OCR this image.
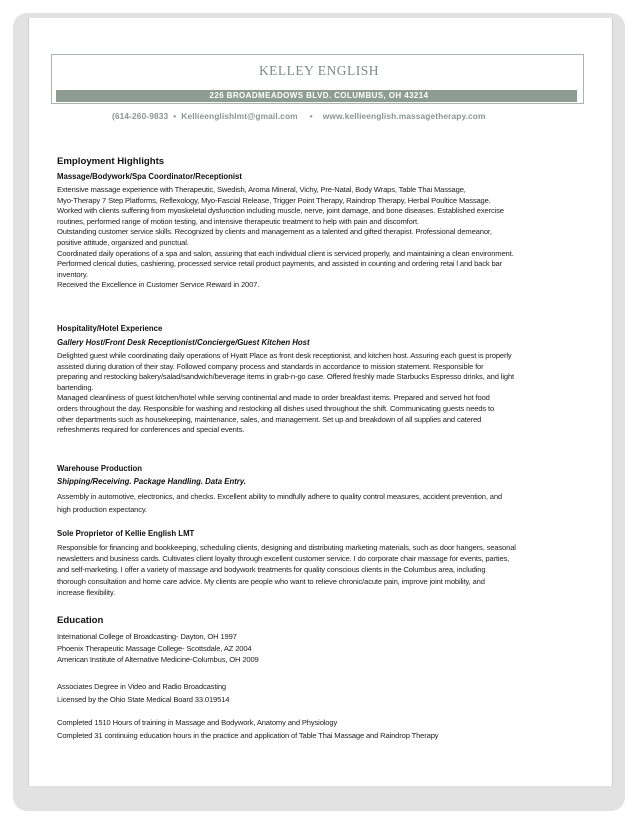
KELLEY ENGLISH
226 BROADMEADOWS BLVD. COLUMBUS, OH 43214
(614-260-9833 • Kellieenglishlmt@gmail.com • www.kellieenglish.massagetherapy.com
Employment Highlights
Massage/Bodywork/Spa Coordinator/Receptionist

Extensive massage experience with Therapeutic, Swedish, Aroma Mineral, Vichy, Pre-Natal, Body Wraps, Table Thai Massage,

Myo-Therapy 7 Step Platforms, Reflexology, Myo-Fascial Release, Trigger Point Therapy, Raindrop Therapy, Herbal Poultice Massage.

Worked with clients suffering from myoskeletal dysfunction including muscle, nerve, joint damage, and bone diseases. Established exercise

routines, performed range of motion testing, and intensive therapeutic treatment to help with pain and discomfort.

Outstanding customer service skills. Recognized by clients and management as a talented and gifted therapist. Professional demeanor,

positive attitude, organized and punctual.

Coordinated daily operations of a spa and salon, assuring that each individual client is serviced properly, and maintaining a clean environment.

Performed clerical duties, cashiering, processed service retail product payments, and assisted in counting and ordering retai l and back bar

inventory.

Received the Excellence in Customer Service Reward in 2007.

Hospitality/Hotel Experience
Gallery Host/Front Desk Receptionist/Concierge/Guest Kitchen Host

Delighted guest while coordinating daily operations of Hyatt Place as front desk receptionist, and kitchen host. Assuring each guest is properly

assisted during duration of their stay. Followed company process and standards in accordance to mission statement. Responsible for

preparing and restocking bakery/salad/sandwich/beverage items in grab-n-go case. Offered freshly made Starbucks Espresso drinks, and light

bartending.

Managed cleanliness of guest kitchen/hotel while serving continental and made to order breakfast items. Prepared and served hot food

orders throughout the day. Responsible for washing and restocking all dishes used throughout the shift. Communicating guests needs to

other departments such as housekeeping, maintenance, sales, and management. Set up and breakdown of all supplies and catered

refreshments required for conferences and special events.

Warehouse Production
Shipping/Receiving. Package Handling. Data Entry.

Assembly in automotive, electronics, and checks. Excellent ability to mindfully adhere to quality control measures, accident prevention, and

high production expectancy.

Sole Proprietor of Kellie English LMT

Responsible for financing and bookkeeping, scheduling clients, designing and distributing marketing materials, such as door hangers, seasonal

newsletters and business cards. Cultivates client loyalty through excellent customer service. I do corporate chair massage for events, parties,

and self-marketing. I offer a variety of massage and bodywork treatments for quality conscious clients in the Columbus area, including

thorough consultation and home care advice. My clients are people who want to relieve chronic/acute pain, improve joint mobility, and

increase flexibility.

Education

International College of Broadcasting- Dayton, OH 1997

Phoenix Therapeutic Massage College- Scottsdale, AZ 2004

American Institute of Alternative Medicine-Columbus, OH 2009

Associates Degree in Video and Radio Broadcasting

Licensed by the Ohio State Medical Board 33.019514

Completed 1510 Hours of training in Massage and Bodywork, Anatomy and Physiology

Completed 31 continuing education hours in the practice and application of Table Thai Massage and Raindrop Therapy
